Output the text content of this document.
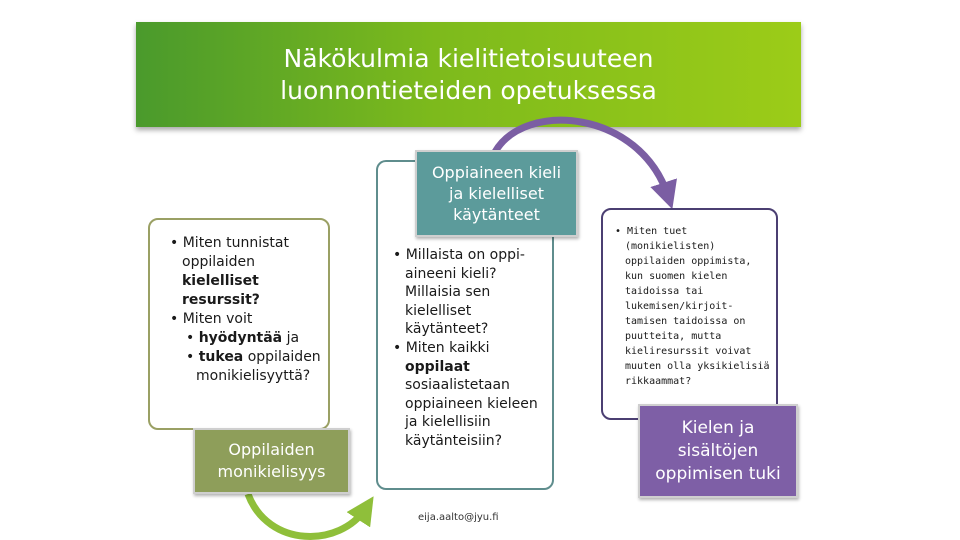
Näkökulmia kielitietoisuuteen
luonnontieteiden opetuksessa
• Miten tunnistat oppilaiden kielelliset resurssit?
• Miten voit
• hyödyntää ja
• tukea oppilaiden monikielisyyttä?
• Millaista on oppi-aineeni kieli? Millaisia sen kielelliset käytänteet?
• Miten kaikki oppilaat sosiaalistetaan oppiaineen kieleen ja kielellisiin käytänteisiin?
• Miten tuet (monikielisten) oppilaiden oppimista, kun suomen kielen taidoissa tai lukemisen/kirjoit-tamisen taidoissa on puutteita, mutta kieliresurssit voivat muuten olla yksikielisiä rikkaammat?
Oppiaineen kieli
ja kielelliset
käytänteet
Oppilaiden
monikielisyys
Kielen ja
sisältöjen
oppimisen tuki
eija.aalto@jyu.fi
